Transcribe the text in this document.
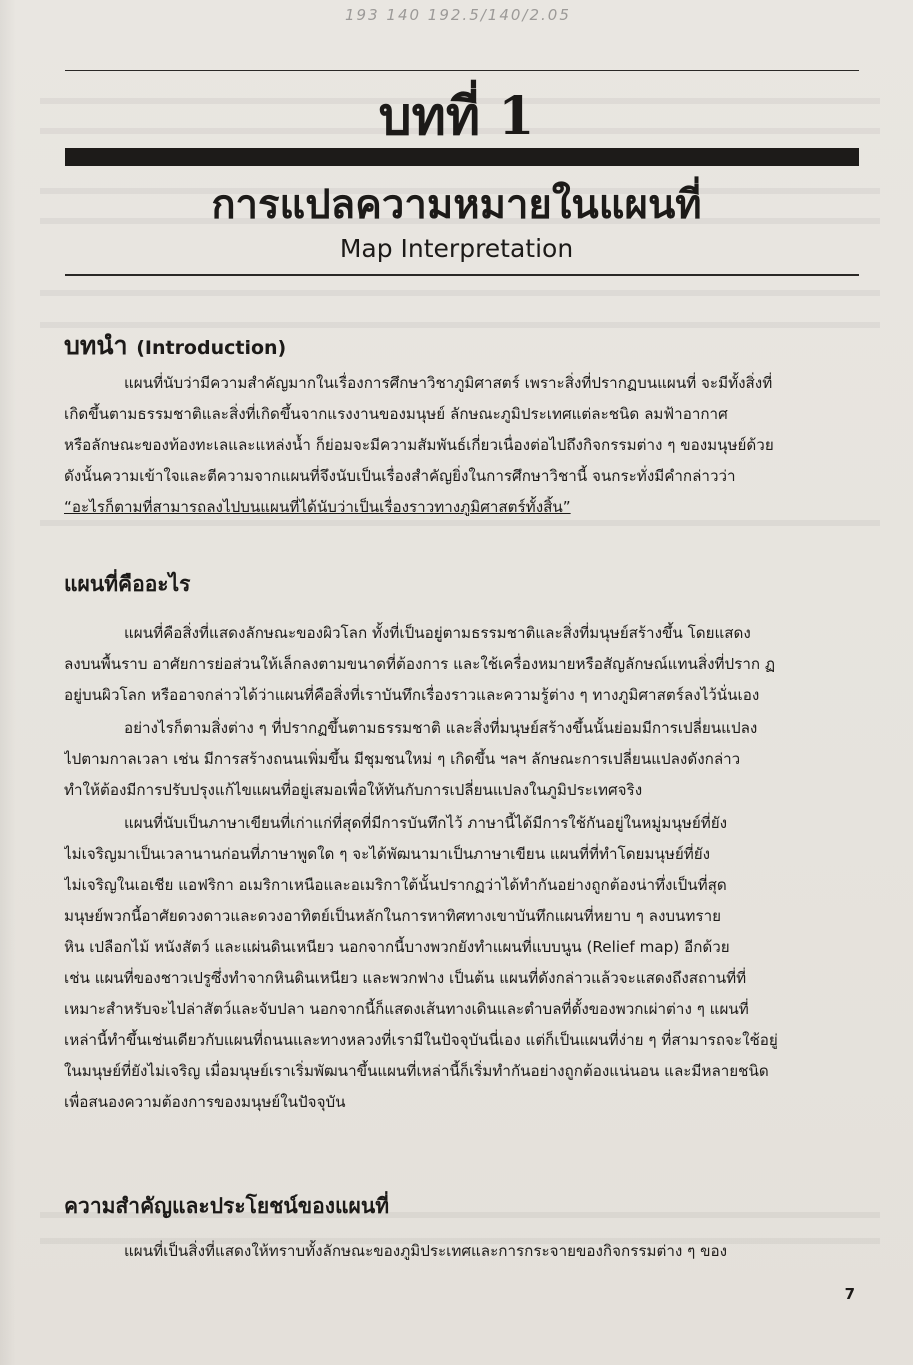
193 140 192.5/140/2.05
บทที่ 1
การแปลความหมายในแผนที่
Map Interpretation
บทนำ (Introduction)
แผนที่นับว่ามีความสำคัญมากในเรื่องการศึกษาวิชาภูมิศาสตร์ เพราะสิ่งที่ปรากฏบนแผนที่ จะมีทั้งสิ่งที่
เกิดขึ้นตามธรรมชาติและสิ่งที่เกิดขึ้นจากแรงงานของมนุษย์ ลักษณะภูมิประเทศแต่ละชนิด ลมฟ้าอากาศ
หรือลักษณะของท้องทะเลและแหล่งน้ำ ก็ย่อมจะมีความสัมพันธ์เกี่ยวเนื่องต่อไปถึงกิจกรรมต่าง ๆ ของมนุษย์ด้วย
ดังนั้นความเข้าใจและตีความจากแผนที่จึงนับเป็นเรื่องสำคัญยิ่งในการศึกษาวิชานี้ จนกระทั่งมีคำกล่าวว่า
“อะไรก็ตามที่สามารถลงไปบนแผนที่ได้นับว่าเป็นเรื่องราวทางภูมิศาสตร์ทั้งสิ้น”
แผนที่คืออะไร
แผนที่คือสิ่งที่แสดงลักษณะของผิวโลก ทั้งที่เป็นอยู่ตามธรรมชาติและสิ่งที่มนุษย์สร้างขึ้น โดยแสดง
ลงบนพื้นราบ อาศัยการย่อส่วนให้เล็กลงตามขนาดที่ต้องการ และใช้เครื่องหมายหรือสัญลักษณ์แทนสิ่งที่ปราก ฏ
อยู่บนผิวโลก หรืออาจกล่าวได้ว่าแผนที่คือสิ่งที่เราบันทึกเรื่องราวและความรู้ต่าง ๆ ทางภูมิศาสตร์ลงไว้นั่นเอง
อย่างไรก็ตามสิ่งต่าง ๆ ที่ปรากฏขึ้นตามธรรมชาติ และสิ่งที่มนุษย์สร้างขึ้นนั้นย่อมมีการเปลี่ยนแปลง
ไปตามกาลเวลา เช่น มีการสร้างถนนเพิ่มขึ้น มีชุมชนใหม่ ๆ เกิดขึ้น ฯลฯ ลักษณะการเปลี่ยนแปลงดังกล่าว
ทำให้ต้องมีการปรับปรุงแก้ไขแผนที่อยู่เสมอเพื่อให้ทันกับการเปลี่ยนแปลงในภูมิประเทศจริง
แผนที่นับเป็นภาษาเขียนที่เก่าแก่ที่สุดที่มีการบันทึกไว้ ภาษานี้ได้มีการใช้กันอยู่ในหมู่มนุษย์ที่ยัง
ไม่เจริญมาเป็นเวลานานก่อนที่ภาษาพูดใด ๆ จะได้พัฒนามาเป็นภาษาเขียน แผนที่ที่ทำโดยมนุษย์ที่ยัง
ไม่เจริญในเอเชีย แอฟริกา อเมริกาเหนือและอเมริกาใต้นั้นปรากฏว่าได้ทำกันอย่างถูกต้องน่าทึ่งเป็นที่สุด
มนุษย์พวกนี้อาศัยดวงดาวและดวงอาทิตย์เป็นหลักในการหาทิศทางเขาบันทึกแผนที่หยาบ ๆ ลงบนทราย
หิน เปลือกไม้ หนังสัตว์ และแผ่นดินเหนียว นอกจากนี้บางพวกยังทำแผนที่แบบนูน (Relief map) อีกด้วย
เช่น แผนที่ของชาวเปรูซึ่งทำจากหินดินเหนียว และพวกฟาง เป็นต้น แผนที่ดังกล่าวแล้วจะแสดงถึงสถานที่ที่
เหมาะสำหรับจะไปล่าสัตว์และจับปลา นอกจากนี้ก็แสดงเส้นทางเดินและตำบลที่ตั้งของพวกเผ่าต่าง ๆ แผนที่
เหล่านี้ทำขึ้นเช่นเดียวกับแผนที่ถนนและทางหลวงที่เรามีในปัจจุบันนี่เอง แต่ก็เป็นแผนที่ง่าย ๆ ที่สามารถจะใช้อยู่
ในมนุษย์ที่ยังไม่เจริญ เมื่อมนุษย์เราเริ่มพัฒนาขึ้นแผนที่เหล่านี้ก็เริ่มทำกันอย่างถูกต้องแน่นอน และมีหลายชนิด
เพื่อสนองความต้องการของมนุษย์ในปัจจุบัน
ความสำคัญและประโยชน์ของแผนที่
แผนที่เป็นสิ่งที่แสดงให้ทราบทั้งลักษณะของภูมิประเทศและการกระจายของกิจกรรมต่าง ๆ ของ
7
